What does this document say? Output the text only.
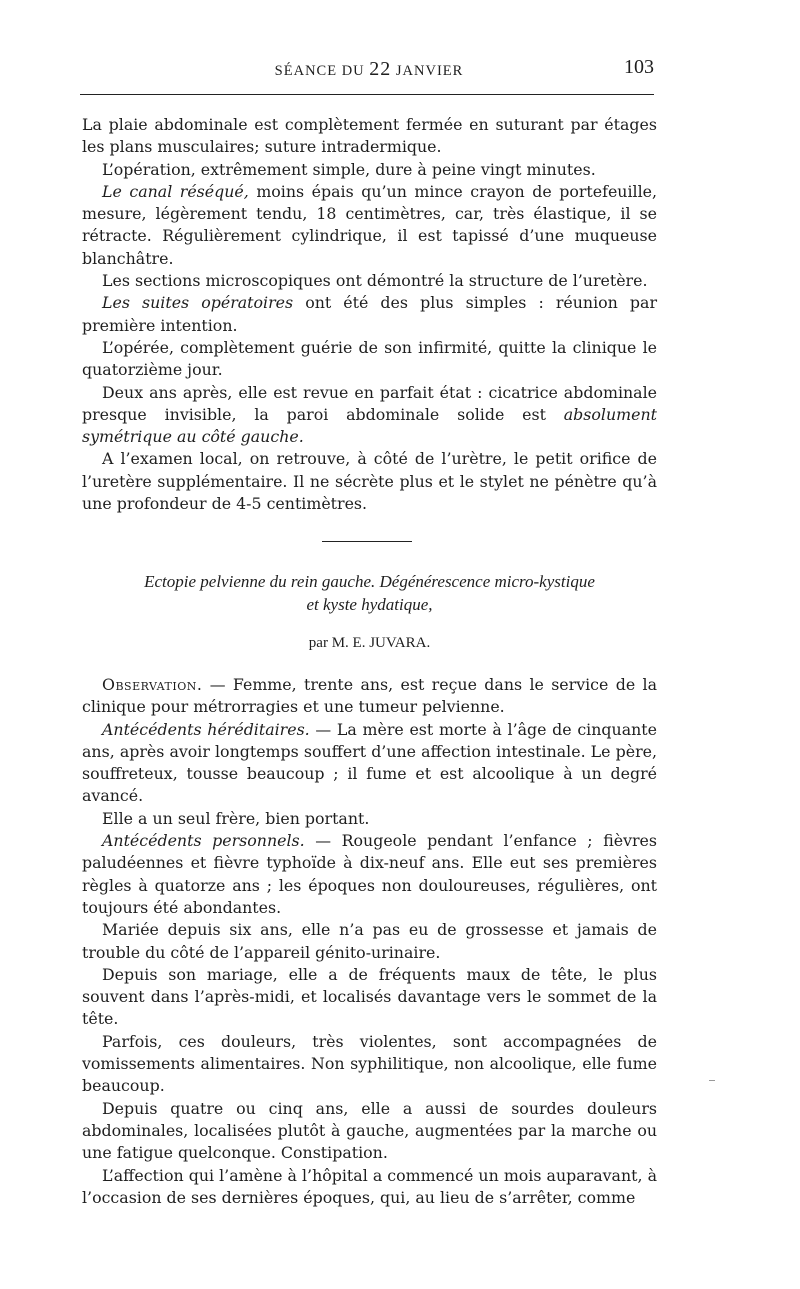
SÉANCE DU 22 JANVIER	103

La plaie abdominale est complètement fermée en suturant par étages les plans musculaires; suture intradermique.

L’opération, extrêmement simple, dure à peine vingt minutes.

Le canal réséqué, moins épais qu’un mince crayon de portefeuille, mesure, légèrement tendu, 18 centimètres, car, très élastique, il se rétracte. Régulièrement cylindrique, il est tapissé d’une muqueuse blanchâtre.

Les sections microscopiques ont démontré la structure de l’uretère.

Les suites opératoires ont été des plus simples : réunion par première intention.

L’opérée, complètement guérie de son infirmité, quitte la clinique le quatorzième jour.

Deux ans après, elle est revue en parfait état : cicatrice abdominale presque invisible, la paroi abdominale solide est absolument symétrique au côté gauche.

A l’examen local, on retrouve, à côté de l’urètre, le petit orifice de l’uretère supplémentaire. Il ne sécrète plus et le stylet ne pénètre qu’à une profondeur de 4-5 centimètres.

Ectopie pelvienne du rein gauche. Dégénérescence micro-kystique
et kyste hydatique,
par M. E. JUVARA.

Observation. — Femme, trente ans, est reçue dans le service de la clinique pour métrorragies et une tumeur pelvienne.

Antécédents héréditaires. — La mère est morte à l’âge de cinquante ans, après avoir longtemps souffert d’une affection intestinale. Le père, souffreteux, tousse beaucoup ; il fume et est alcoolique à un degré avancé.

Elle a un seul frère, bien portant.

Antécédents personnels. — Rougeole pendant l’enfance ; fièvres paludéennes et fièvre typhoïde à dix-neuf ans. Elle eut ses premières règles à quatorze ans ; les époques non douloureuses, régulières, ont toujours été abondantes.

Mariée depuis six ans, elle n’a pas eu de grossesse et jamais de trouble du côté de l’appareil génito-urinaire.

Depuis son mariage, elle a de fréquents maux de tête, le plus souvent dans l’après-midi, et localisés davantage vers le sommet de la tête.

Parfois, ces douleurs, très violentes, sont accompagnées de vomissements alimentaires. Non syphilitique, non alcoolique, elle fume beaucoup.

Depuis quatre ou cinq ans, elle a aussi de sourdes douleurs abdominales, localisées plutôt à gauche, augmentées par la marche ou une fatigue quelconque. Constipation.

L’affection qui l’amène à l’hôpital a commencé un mois auparavant, à l’occasion de ses dernières époques, qui, au lieu de s’arrêter, comme
